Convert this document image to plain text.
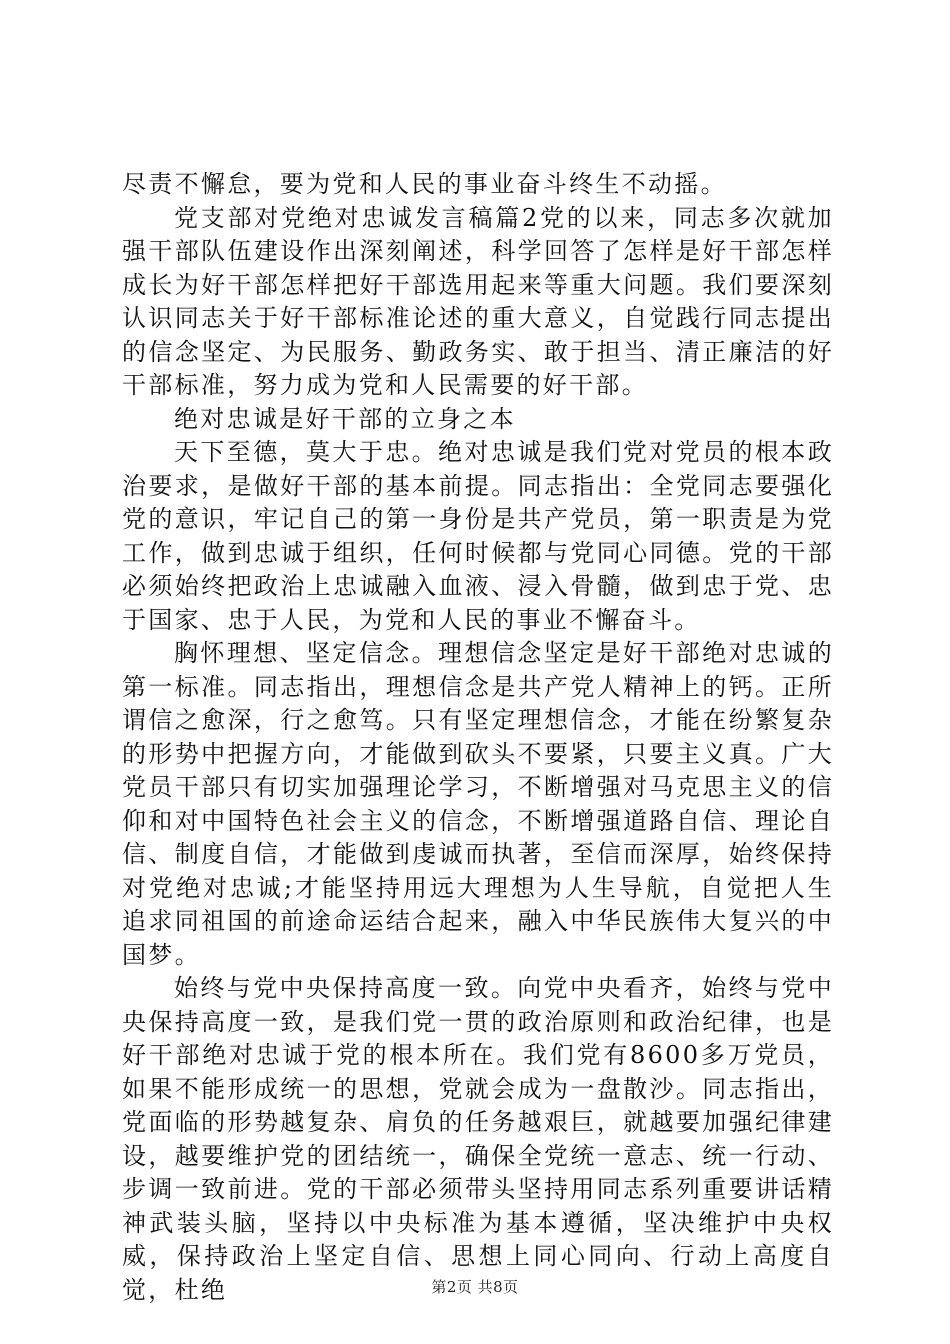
尽责不懈怠，要为党和人民的事业奋斗终生不动摇。

党支部对党绝对忠诚发言稿篇2党的以来，同志多次就加强干部队伍建设作出深刻阐述，科学回答了怎样是好干部怎样成长为好干部怎样把好干部选用起来等重大问题。我们要深刻认识同志关于好干部标准论述的重大意义，自觉践行同志提出的信念坚定、为民服务、勤政务实、敢于担当、清正廉洁的好干部标准，努力成为党和人民需要的好干部。

绝对忠诚是好干部的立身之本

天下至德，莫大于忠。绝对忠诚是我们党对党员的根本政治要求，是做好干部的基本前提。同志指出：全党同志要强化党的意识，牢记自己的第一身份是共产党员，第一职责是为党工作，做到忠诚于组织，任何时候都与党同心同德。党的干部必须始终把政治上忠诚融入血液、浸入骨髓，做到忠于党、忠于国家、忠于人民，为党和人民的事业不懈奋斗。

胸怀理想、坚定信念。理想信念坚定是好干部绝对忠诚的第一标准。同志指出，理想信念是共产党人精神上的钙。正所谓信之愈深，行之愈笃。只有坚定理想信念，才能在纷繁复杂的形势中把握方向，才能做到砍头不要紧，只要主义真。广大党员干部只有切实加强理论学习，不断增强对马克思主义的信仰和对中国特色社会主义的信念，不断增强道路自信、理论自信、制度自信，才能做到虔诚而执著，至信而深厚，始终保持对党绝对忠诚;才能坚持用远大理想为人生导航，自觉把人生追求同祖国的前途命运结合起来，融入中华民族伟大复兴的中国梦。

始终与党中央保持高度一致。向党中央看齐，始终与党中央保持高度一致，是我们党一贯的政治原则和政治纪律，也是好干部绝对忠诚于党的根本所在。我们党有8600多万党员，如果不能形成统一的思想，党就会成为一盘散沙。同志指出，党面临的形势越复杂、肩负的任务越艰巨，就越要加强纪律建设，越要维护党的团结统一，确保全党统一意志、统一行动、步调一致前进。党的干部必须带头坚持用同志系列重要讲话精神武装头脑，坚持以中央标准为基本遵循，坚决维护中央权威，保持政治上坚定自信、思想上同心同向、行动上高度自觉，杜绝	第2页 共8页
